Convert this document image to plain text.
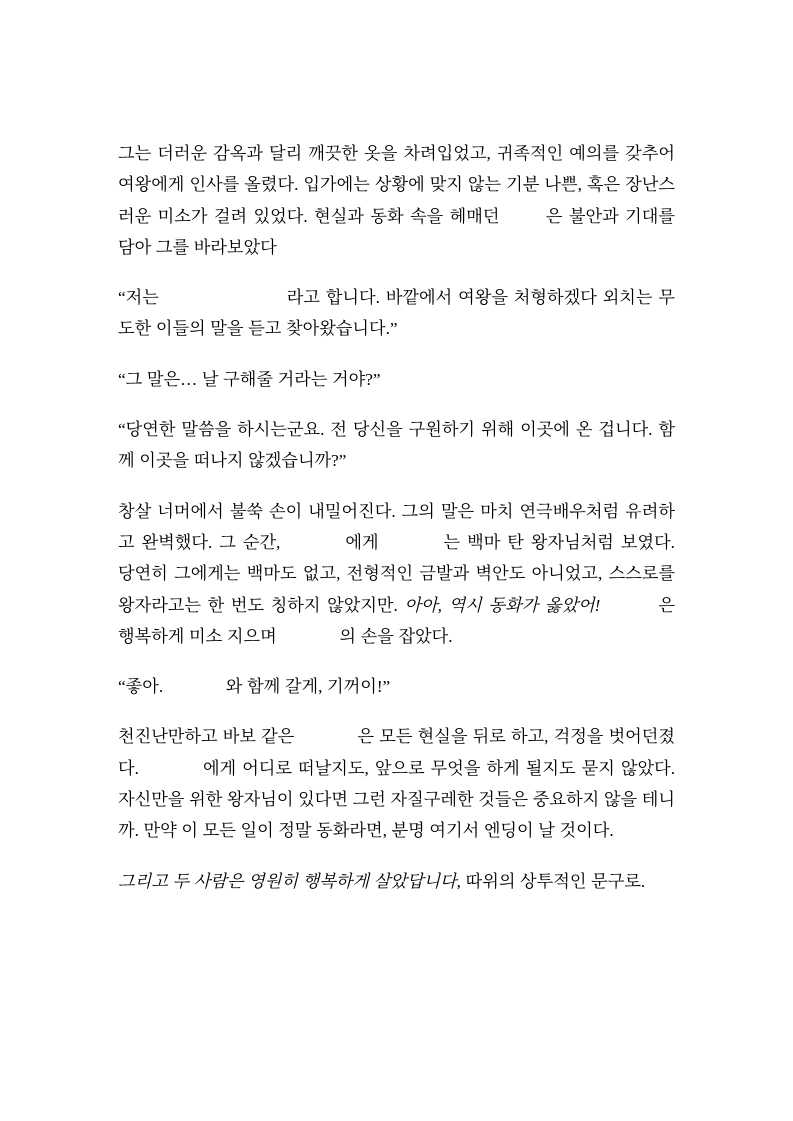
그는 더러운 감옥과 달리 깨끗한 옷을 차려입었고, 귀족적인 예의를 갖추어 여왕에게 인사를 올렸다. 입가에는 상황에 맞지 않는 기분 나쁜, 혹은 장난스러운 미소가 걸려 있었다. 현실과 동화 속을 헤매던  은 불안과 기대를 담아 그를 바라보았다

“저는	라고 합니다. 바깥에서 여왕을 처형하겠다 외치는 무도한 이들의 말을 듣고 찾아왔습니다.”

“그 말은… 날 구해줄 거라는 거야?”

“당연한 말씀을 하시는군요. 전 당신을 구원하기 위해 이곳에 온 겁니다. 함께 이곳을 떠나지 않겠습니까?”

창살 너머에서 불쑥 손이 내밀어진다. 그의 말은 마치 연극배우처럼 유려하고 완벽했다. 그 순간,	에게	는 백마 탄 왕자님처럼 보였다. 당연히 그에게는 백마도 없고, 전형적인 금발과 벽안도 아니었고, 스스로를 왕자라고는 한 번도 칭하지 않았지만. 아아, 역시 동화가 옳았어!	은 행복하게 미소 지으며	의 손을 잡았다.

“좋아.	와 함께 갈게, 기꺼이!”

천진난만하고 바보 같은	은 모든 현실을 뒤로 하고, 걱정을 벗어던졌다.	에게 어디로 떠날지도, 앞으로 무엇을 하게 될지도 묻지 않았다. 자신만을 위한 왕자님이 있다면 그런 자질구레한 것들은 중요하지 않을 테니까. 만약 이 모든 일이 정말 동화라면, 분명 여기서 엔딩이 날 것이다.

그리고 두 사람은 영원히 행복하게 살았답니다, 따위의 상투적인 문구로.
